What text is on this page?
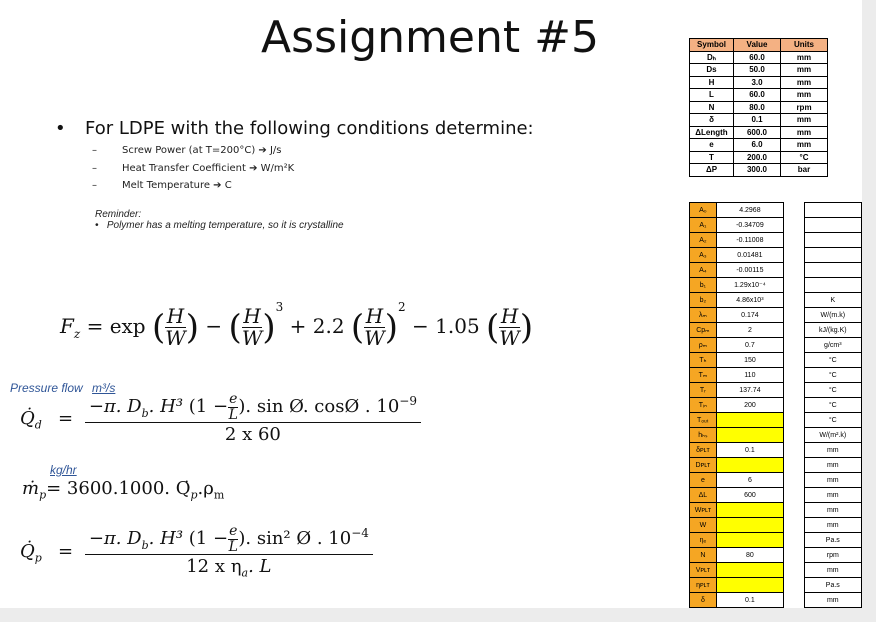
Assignment #5
• For LDPE with the following conditions determine:
–	Screw Power (at T=200°C) ➔ J/s
–	Heat Transfer Coefficient ➔ W/m²K
–	Melt Temperature ➔ C
Reminder:
•   Polymer has a melting temperature, so it is crystalline
$F_z = \exp$ ( $\frac{H}{W}$ ) − ( $\frac{H}{W} )^3 + 2.2$ ( $\frac{H}{W} )^2 - 1.05$ ( $\frac{H}{W}$ )
Pressure flow m³/s
$Q̇_d = \frac{-\pi. D_b. H^3 (1 - \frac{e}{L} ). \sin Ø. \cos Ø . 10^{-9}}{2 x 60}$
kg/hr
ṁ$_p$= 3600.1000. $Q_p.\rho_m$
$Q̇_p = \frac{-\pi. D_b. H^3 (1 - \frac{e}{L} ). \sin^2 Ø . 10^{-4}}{12 x \eta_a. L}$
Symbol	Value	Units
Dₕ	60.0	mm
Ds	50.0	mm
H	3.0	mm
L	60.0	mm
N	80.0	rpm
δ	0.1	mm
ΔLength	600.0	mm
e	6.0	mm
T	200.0	°C
ΔP	300.0	bar
A₀	4.2968		
A₁	-0.34709		
A₂	-0.11008		
A₃	0.01481		
A₄	-0.00115		
b₁	1.29x10⁻⁴		
b₂	4.86x10³		K
λₘ	0.174		W/(m.k)
Cpₘ	2		kJ/(kg.K)
ρₘ	0.7		g/cm³
Tₕ	150		°C
Tₘ	110		°C
Tᵣ	137.74		°C
Tᵢₙ	200		°C
Tₒᵤₜ			°C
hₕₛ			W/(m².k)
δᴘʟᴛ	0.1		mm
Dᴘʟᴛ			mm
e	6		mm
ΔL	600		mm
Wᴘʟᴛ			mm
W			mm
ηₑ			Pa.s
N	80		rpm
Vᴘʟᴛ			mm
ηᴘʟᴛ			Pa.s
δ	0.1		mm
